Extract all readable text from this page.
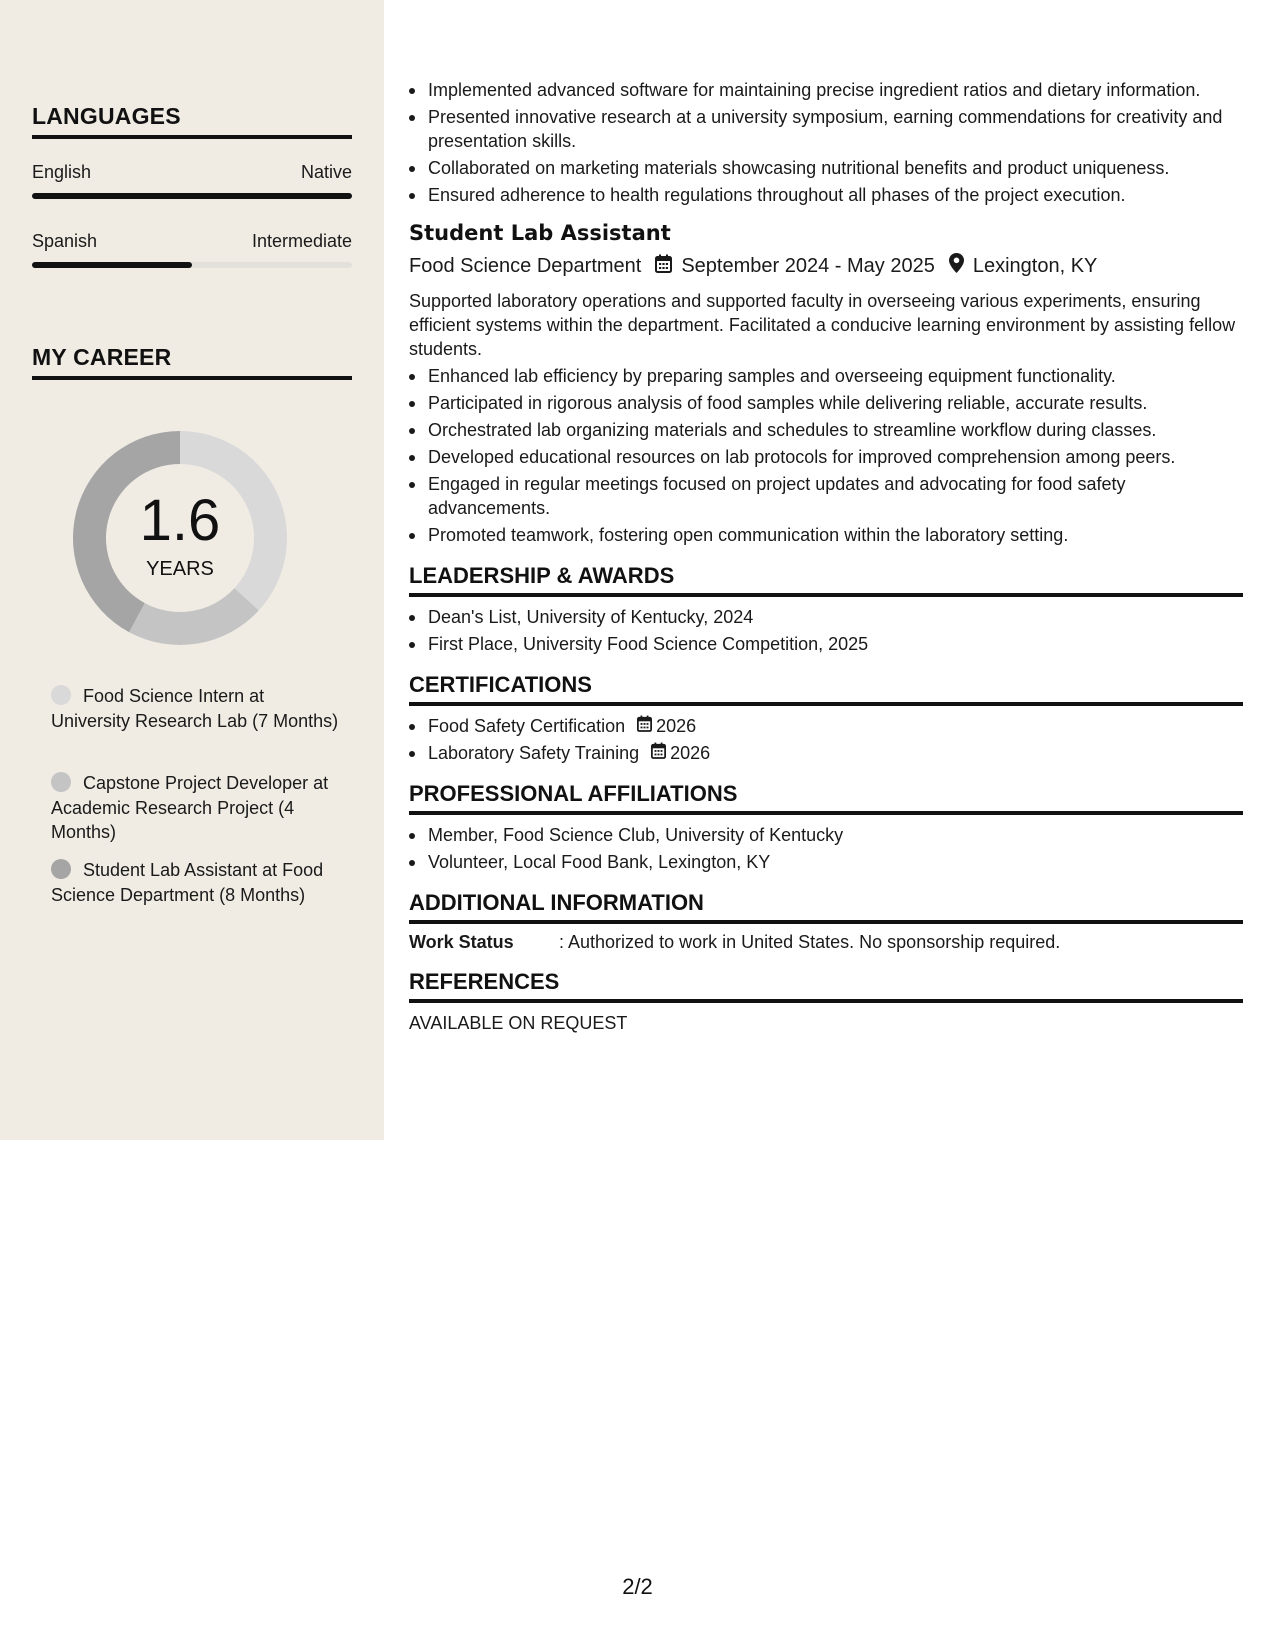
LANGUAGES
English	Native
Spanish	Intermediate
MY CAREER
1.6
YEARS
Food Science Intern at University Research Lab (7 Months)
Capstone Project Developer at Academic Research Project (4 Months)
Student Lab Assistant at Food Science Department (8 Months)
Implemented advanced software for maintaining precise ingredient ratios and dietary information.
Presented innovative research at a university symposium, earning commendations for creativity and presentation skills.
Collaborated on marketing materials showcasing nutritional benefits and product uniqueness.
Ensured adherence to health regulations throughout all phases of the project execution.
Student Lab Assistant
Food Science Department September 2024 - May 2025 Lexington, KY

Supported laboratory operations and supported faculty in overseeing various experiments, ensuring efficient systems within the department. Facilitated a conducive learning environment by assisting fellow students.

Enhanced lab efficiency by preparing samples and overseeing equipment functionality.
Participated in rigorous analysis of food samples while delivering reliable, accurate results.
Orchestrated lab organizing materials and schedules to streamline workflow during classes.
Developed educational resources on lab protocols for improved comprehension among peers.
Engaged in regular meetings focused on project updates and advocating for food safety advancements.
Promoted teamwork, fostering open communication within the laboratory setting.
LEADERSHIP & AWARDS
Dean's List, University of Kentucky, 2024
First Place, University Food Science Competition, 2025
CERTIFICATIONS
Food Safety Certification 2026
Laboratory Safety Training 2026
PROFESSIONAL AFFILIATIONS
Member, Food Science Club, University of Kentucky
Volunteer, Local Food Bank, Lexington, KY
ADDITIONAL INFORMATION
Work Status	: Authorized to work in United States. No sponsorship required.
REFERENCES

AVAILABLE ON REQUEST

2/2
